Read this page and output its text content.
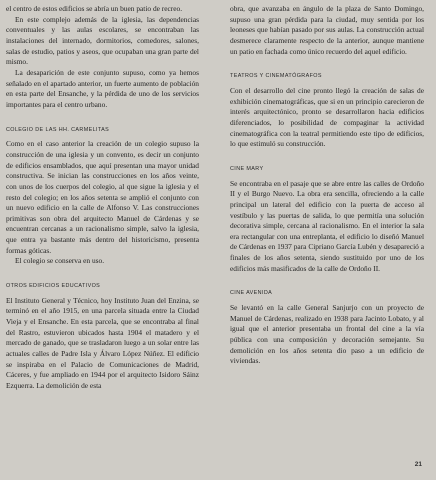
el centro de estos edificios se abría un buen patio de recreo.

En este complejo además de la iglesia, las dependencias conventuales y las aulas escolares, se encontraban las instalaciones del internado, dormitorios, comedores, salones, salas de estudio, patios y aseos, que ocupaban una gran parte del mismo.

La desaparición de este conjunto supuso, como ya hemos señalado en el apartado anterior, un fuerte aumento de población en esta parte del Ensanche, y la pérdida de uno de los servicios importantes para el centro urbano.

COLEGIO DE LAS HH. CARMELITAS

Como en el caso anterior la creación de un colegio supuso la construcción de una iglesia y un convento, es decir un conjunto de edificios ensamblados, que aquí presentan una mayor unidad constructiva. Se inician las construcciones en los años veinte, con unos de los cuerpos del colegio, al que sigue la iglesia y el resto del colegio; en los años setenta se amplió el conjunto con un nuevo edificio en la calle de Alfonso V. Las construcciones primitivas son obra del arquitecto Manuel de Cárdenas y se encuentran cercanas a un racionalismo simple, salvo la iglesia, que entra ya bastante más dentro del historicismo, presenta formas góticas.

El colegio se conserva en uso.

OTROS EDIFICIOS EDUCATIVOS

El Instituto General y Técnico, hoy Instituto Juan del Enzina, se terminó en el año 1915, en una parcela situada entre la Ciudad Vieja y el Ensanche. En esta parcela, que se encontraba al final del Rastro, estuvieron ubicados hasta 1904 el matadero y el mercado de ganado, que se trasladaron luego a un solar entre las actuales calles de Padre Isla y Álvaro López Núñez. El edificio se inspiraba en el Palacio de Comunicaciones de Madrid, Cáceres, y fue ampliado en 1944 por el arquitecto Isidoro Sáinz Ezquerra. La demolición de esta

obra, que avanzaba en ángulo de la plaza de Santo Domingo, supuso una gran pérdida para la ciudad, muy sentida por los leoneses que habían pasado por sus aulas. La construcción actual desmerece claramente respecto de la anterior, aunque mantiene un patio en fachada como único recuerdo del aquel edificio.

TEATROS Y CINEMATÓGRAFOS

Con el desarrollo del cine pronto llegó la creación de salas de exhibición cinematográficas, que si en un principio carecieron de interés arquitectónico, pronto se desarrollaron hacia edificios diferenciados, lo posibilidad de compaginar la actividad cinematográfica con la teatral permitiendo este tipo de edificios, lo que estimuló su construcción.

CINE MARY

Se encontraba en el pasaje que se abre entre las calles de Ordoño II y el Burgo Nuevo. La obra era sencilla, ofreciendo a la calle principal un lateral del edificio con la puerta de acceso al vestíbulo y las puertas de salida, lo que permitía una solución decorativa simple, cercana al racionalismo. En el interior la sala era rectangular con una entreplanta, el edificio lo diseñó Manuel de Cárdenas en 1937 para Cipriano García Lubén y desapareció a finales de los años setenta, siendo sustituido por uno de los edificios más masificados de la calle de Ordoño II.

CINE AVENIDA

Se levantó en la calle General Sanjurjo con un proyecto de Manuel de Cárdenas, realizado en 1938 para Jacinto Lobato, y al igual que el anterior presentaba un frontal del cine a la vía pública con una composición y decoración semejante. Su demolición en los años setenta dio paso a un edificio de viviendas.

21
